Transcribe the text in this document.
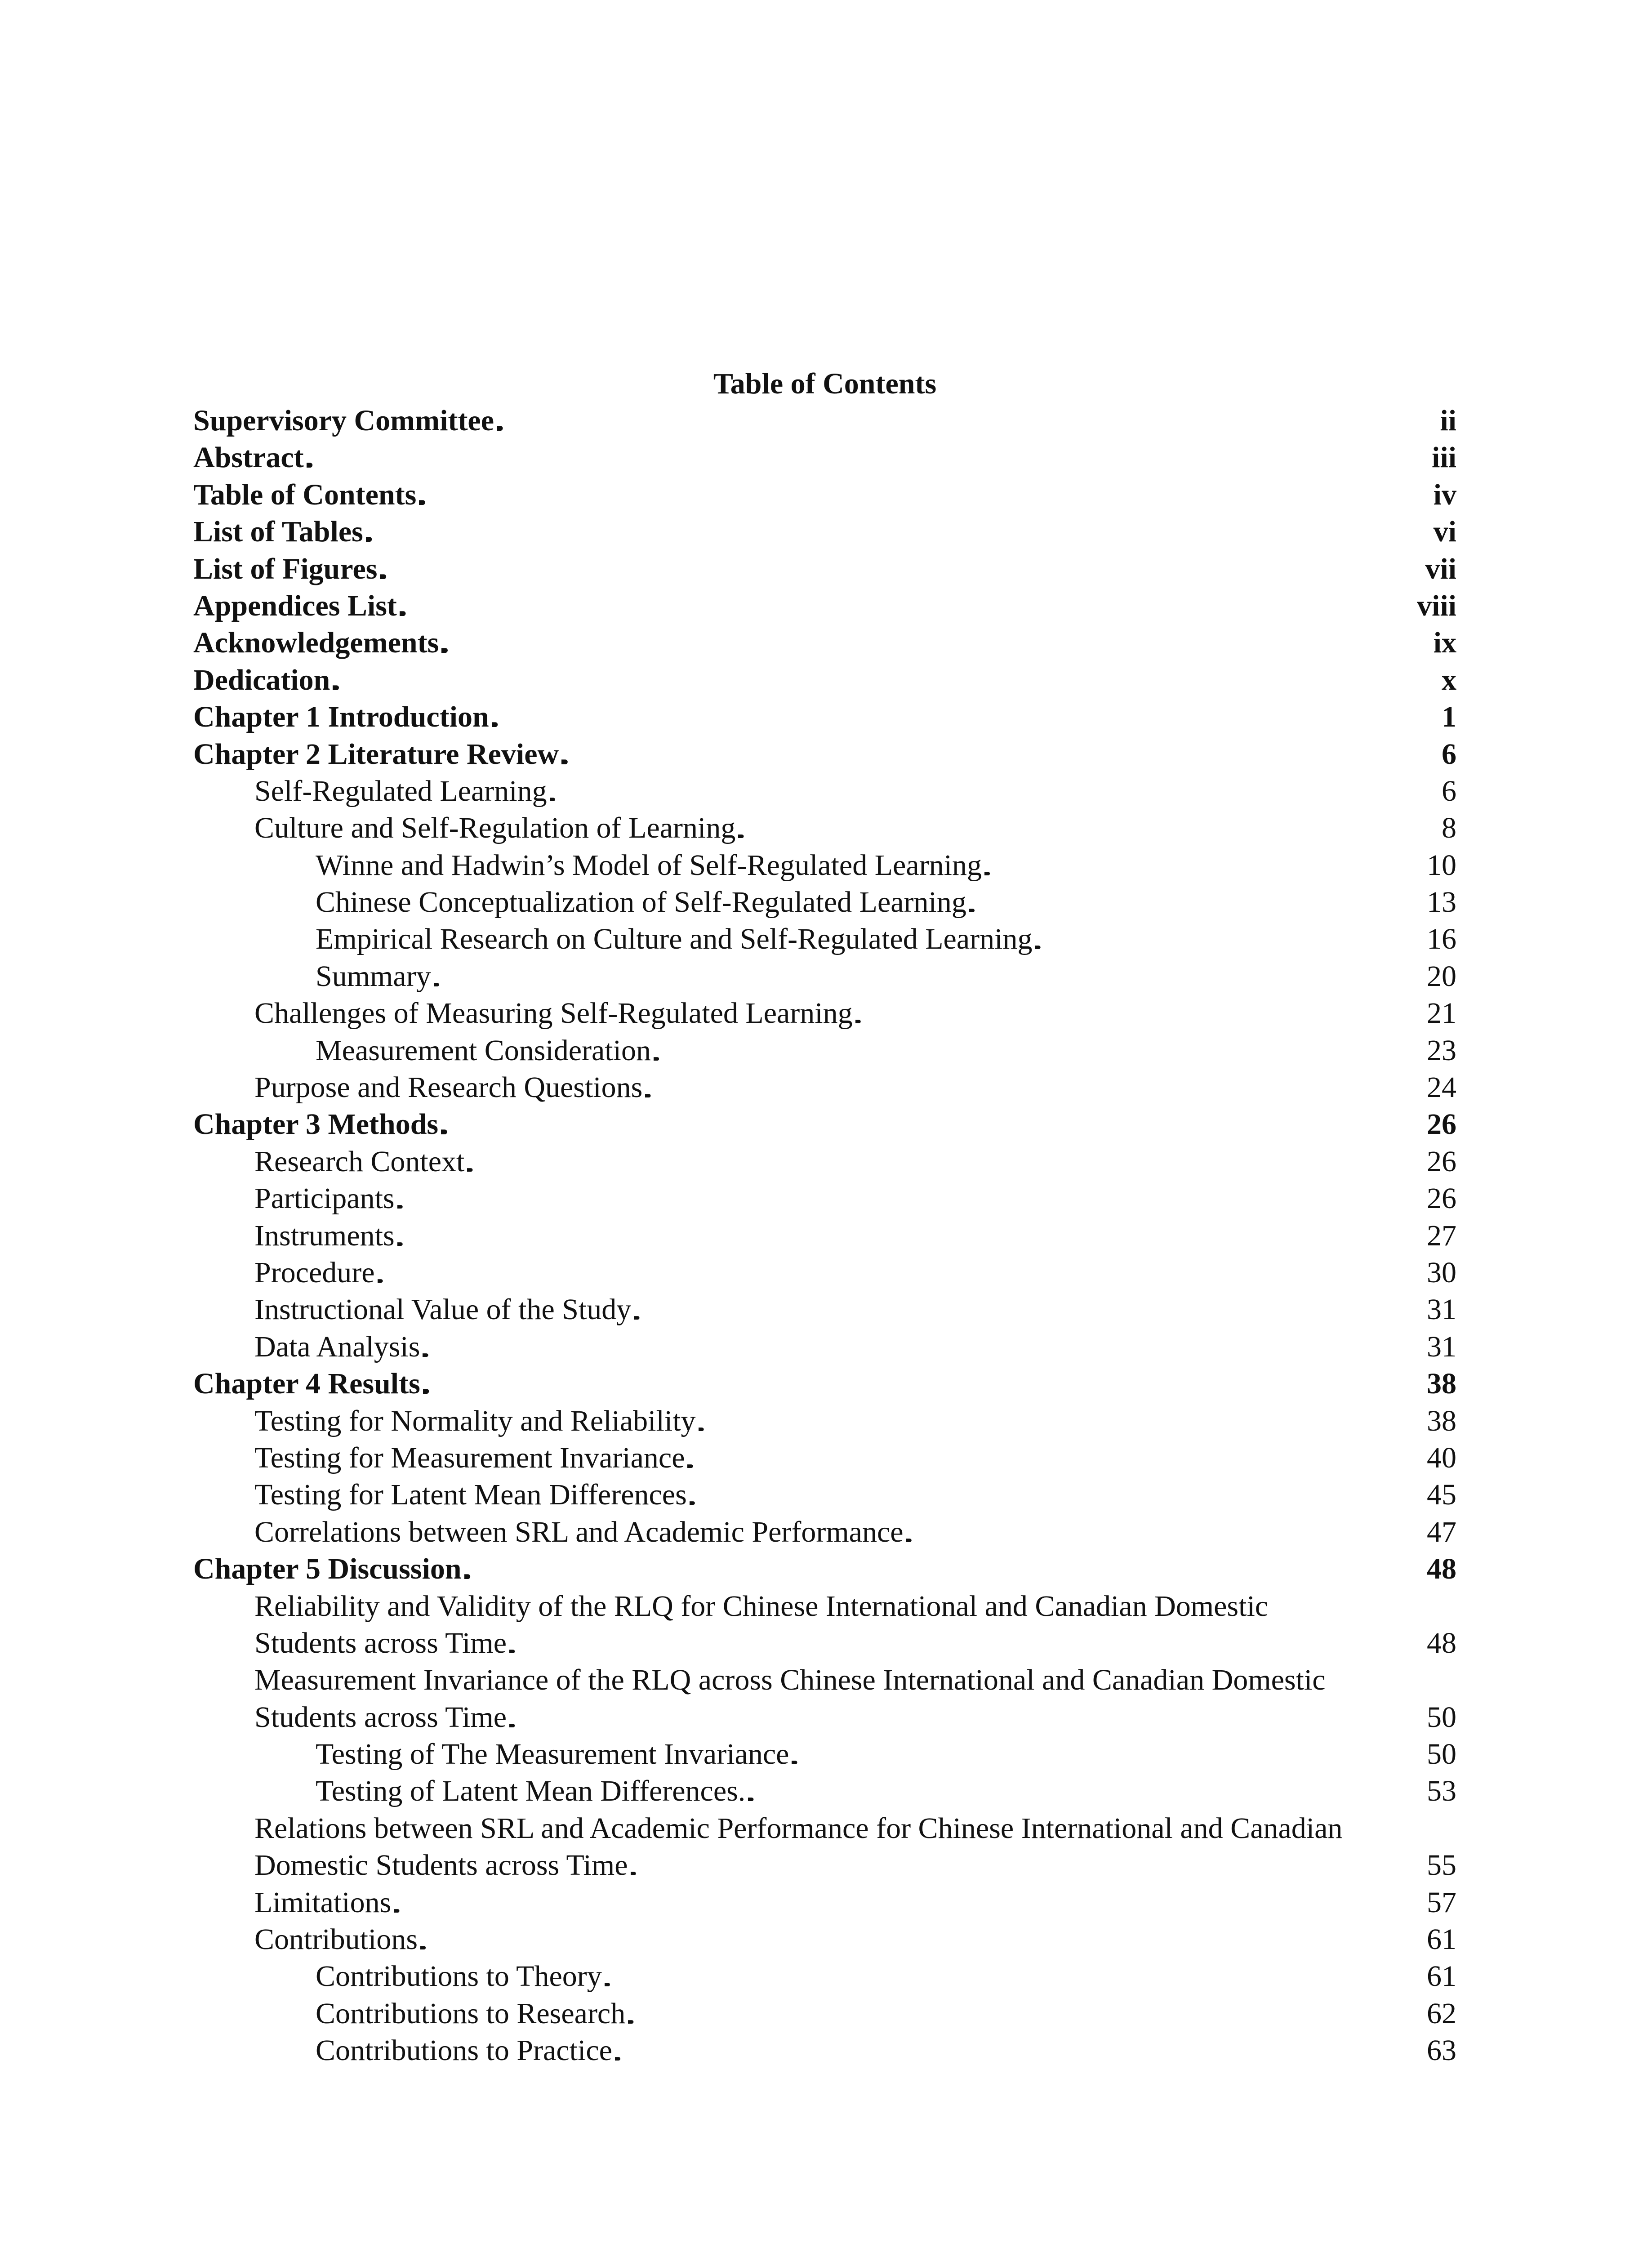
Table of Contents
Supervisory Committee . . .	ii
Abstract . . .	iii
Table of Contents . . .	iv
List of Tables . . .	vi
List of Figures . . .	vii
Appendices List . . .	viii
Acknowledgements . . .	ix
Dedication . . .	x
Chapter 1 Introduction . . .	1
Chapter 2 Literature Review . . .	6
Self-Regulated Learning . . .	6
Culture and Self-Regulation of Learning . . .	8
Winne and Hadwin’s Model of Self-Regulated Learning . . .	10
Chinese Conceptualization of Self-Regulated Learning . . .	13
Empirical Research on Culture and Self-Regulated Learning . . .	16
Summary . . .	20
Challenges of Measuring Self-Regulated Learning . . .	21
Measurement Consideration . . .	23
Purpose and Research Questions . . .	24
Chapter 3 Methods . . .	26
Research Context . . .	26
Participants . . .	26
Instruments . . .	27
Procedure . . .	30
Instructional Value of the Study . . .	31
Data Analysis . . .	31
Chapter 4 Results . . .	38
Testing for Normality and Reliability . . .	38
Testing for Measurement Invariance . . .	40
Testing for Latent Mean Differences . . .	45
Correlations between SRL and Academic Performance . . .	47
Chapter 5 Discussion . . .	48
Reliability and Validity of the RLQ for Chinese International and Canadian Domestic
Students across Time . . .	48
Measurement Invariance of the RLQ across Chinese International and Canadian Domestic
Students across Time . . .	50
Testing of The Measurement Invariance . . .	50
Testing of Latent Mean Differences. . . .	53
Relations between SRL and Academic Performance for Chinese International and Canadian
Domestic Students across Time . . .	55
Limitations . . .	57
Contributions . . .	61
Contributions to Theory . . .	61
Contributions to Research . . .	62
Contributions to Practice . . .	63
